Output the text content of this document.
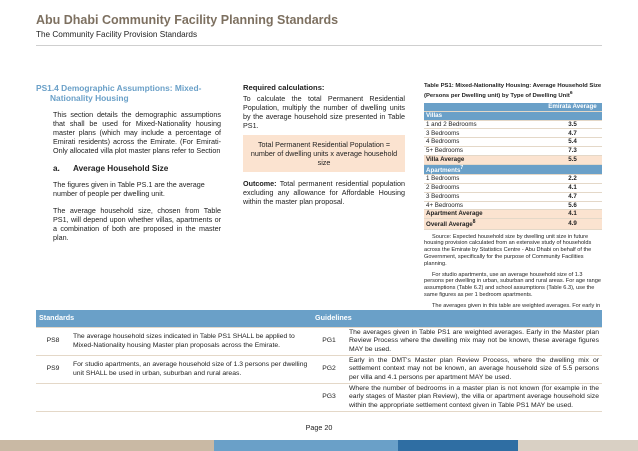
Abu Dhabi Community Facility Planning Standards
The Community Facility Provision Standards
PS1.4 Demographic Assumptions: Mixed-
Nationality Housing

This section details the demographic assumptions that shall be used for Mixed-Nationality housing master plans (which may include a percentage of Emirati residents) across the Emirate. (For Emirati-Only allocated villa plot master plans refer to Section

a. Average Household Size

The figures given in Table PS.1 are the average number of people per dwelling unit.

The average household size, chosen from Table PS1, will depend upon whether villas, apartments or a combination of both are proposed in the master plan.

Required calculations:

To calculate the total Permanent Residential Population, multiply the number of dwelling units by the average household size presented in Table PS1.

Total Permanent Residential Population = number of dwelling units x average household size

Outcome: Total permanent residential population excluding any allowance for Affordable Housing within the master plan proposal.

Table PS1: Mixed-Nationality Housing: Average Household Size (Persons per Dwelling unit) by Type of Dwelling Unit$^6$
	Emirata Average
Villas	
1 and 2 Bedrooms	3.5
3 Bedrooms	4.7
4 Bedrooms	5.4
5+ Bedrooms	7.3
Villa Average	5.5
Apartments$^7$	
1 Bedrooms	2.2
2 Bedrooms	4.1
3 Bedrooms	4.7
4+ Bedrooms	5.6
Apartment Average	4.1
Overall Average$^8$	4.9

Source: Expected household size by dwelling unit size in future housing provision calculated from an extensive study of households across the Emirate by Statistics Centre - Abu Dhabi on behalf of the Government, specifically for the purpose of Community Facilities planning.

For studio apartments, use an average household size of 1.3 persons per dwelling in urban, suburban and rural areas. For age range assumptions (Table 6.2) and school assumptions (Table 6.3), use the same figures as per 1 bedroom apartments.

The averages given in this table are weighted averages. For early in

Standards		Guidelines	
PS8	The average household sizes indicated in Table PS1 SHALL be applied to Mixed-Nationality housing Master plan proposals across the Emirate.	PG1	The averages given in Table PS1 are weighted averages. Early in the Master plan Review Process where the dwelling mix may not be known, these average figures MAY be used.
PS9	For studio apartments, an average household size of 1.3 persons per dwelling unit SHALL be used in urban, suburban and rural areas.	PG2	Early in the DMT's Master plan Review Process, where the dwelling mix or settlement context may not be known, an average household size of 5.5 persons per villa and 4.1 persons per apartment MAY be used.
		PG3	Where the number of bedrooms in a master plan is not known (for example in the early stages of Master plan Review), the villa or apartment average household size within the appropriate settlement context given in Table PS1 MAY be used.
Page 20
